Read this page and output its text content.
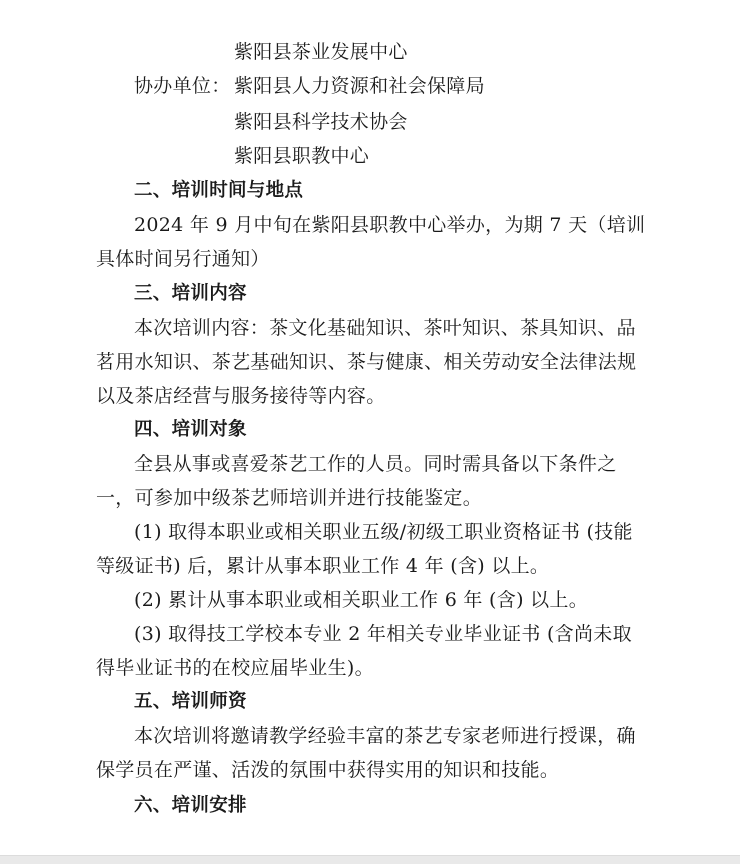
紫阳县茶业发展中心
协办单位： 紫阳县人力资源和社会保障局
紫阳县科学技术协会
紫阳县职教中心
二、培训时间与地点
2024 年 9 月中旬在紫阳县职教中心举办，为期 7 天（培训
具体时间另行通知）
三、培训内容
本次培训内容：茶文化基础知识、茶叶知识、茶具知识、品
茗用水知识、茶艺基础知识、茶与健康、相关劳动安全法律法规
以及茶店经营与服务接待等内容。
四、培训对象
全县从事或喜爱茶艺工作的人员。同时需具备以下条件之
一，可参加中级茶艺师培训并进行技能鉴定。
(1) 取得本职业或相关职业五级/初级工职业资格证书 (技能
等级证书) 后，累计从事本职业工作 4 年 (含) 以上。
(2) 累计从事本职业或相关职业工作 6 年 (含) 以上。
(3) 取得技工学校本专业 2 年相关专业毕业证书 (含尚未取
得毕业证书的在校应届毕业生)。
五、培训师资
本次培训将邀请教学经验丰富的茶艺专家老师进行授课，确
保学员在严谨、活泼的氛围中获得实用的知识和技能。
六、培训安排
